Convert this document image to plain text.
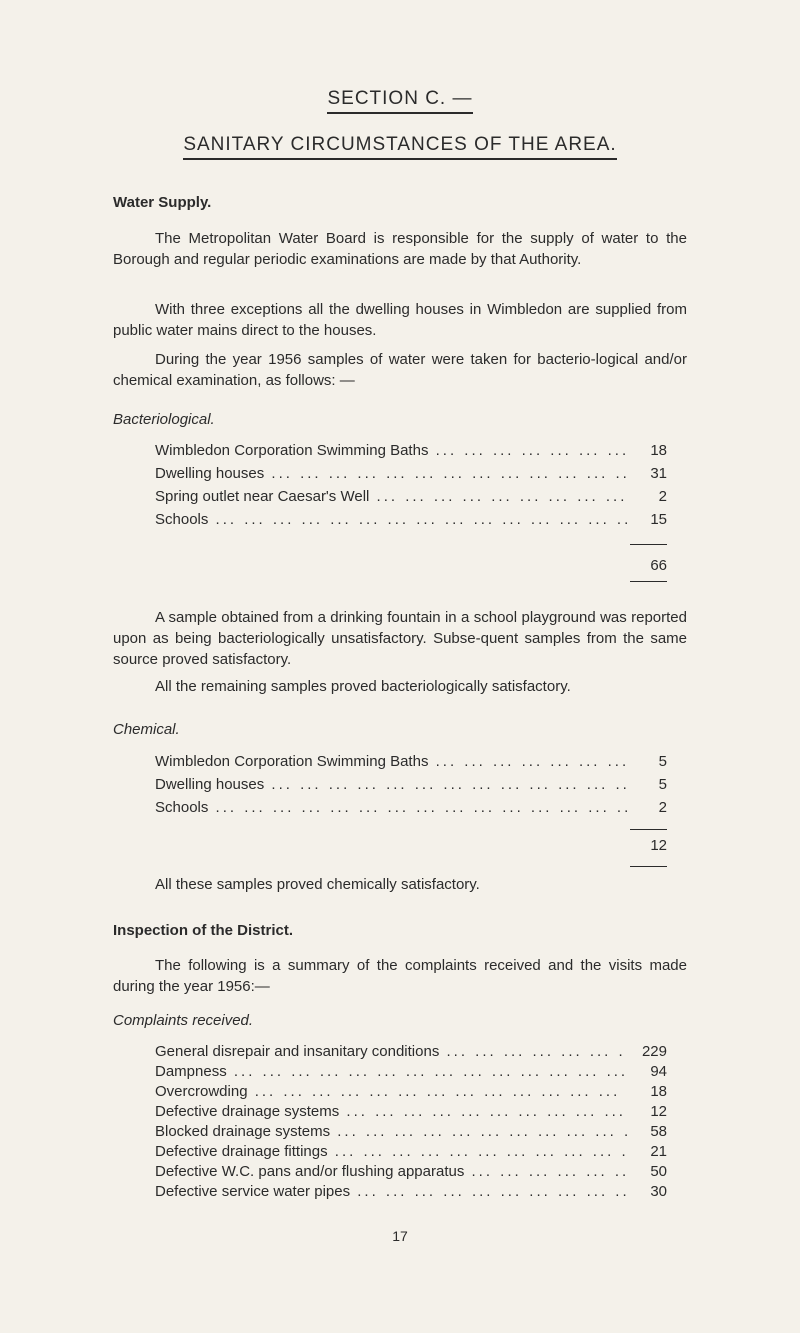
SECTION C. —
SANITARY CIRCUMSTANCES OF THE AREA.
Water Supply.
The Metropolitan Water Board is responsible for the supply of water to the Borough and regular periodic examinations are made by that Authority.
With three exceptions all the dwelling houses in Wimbledon are supplied from public water mains direct to the houses.
During the year 1956 samples of water were taken for bacterio-logical and/or chemical examination, as follows: —
Bacteriological.
Wimbledon Corporation Swimming Baths ... .	18
Dwelling houses ... .	31
Spring outlet near Caesar's Well ... .	2
Schools ... .	15
66
A sample obtained from a drinking fountain in a school playground was reported upon as being bacteriologically unsatisfactory. Subse-quent samples from the same source proved satisfactory.
All the remaining samples proved bacteriologically satisfactory.
Chemical.
Wimbledon Corporation Swimming Baths ... .	5
Dwelling houses ... .	5
Schools ... .	2
12
All these samples proved chemically satisfactory.
Inspection of the District.
The following is a summary of the complaints received and the visits made during the year 1956:—
Complaints received.
General disrepair and insanitary conditions ... .	229
Dampness ... .	94
Overcrowding ... .	18
Defective drainage systems ... .	12
Blocked drainage systems ... .	58
Defective drainage fittings ... .	21
Defective W.C. pans and/or flushing apparatus ... .	50
Defective service water pipes ... .	30
17
